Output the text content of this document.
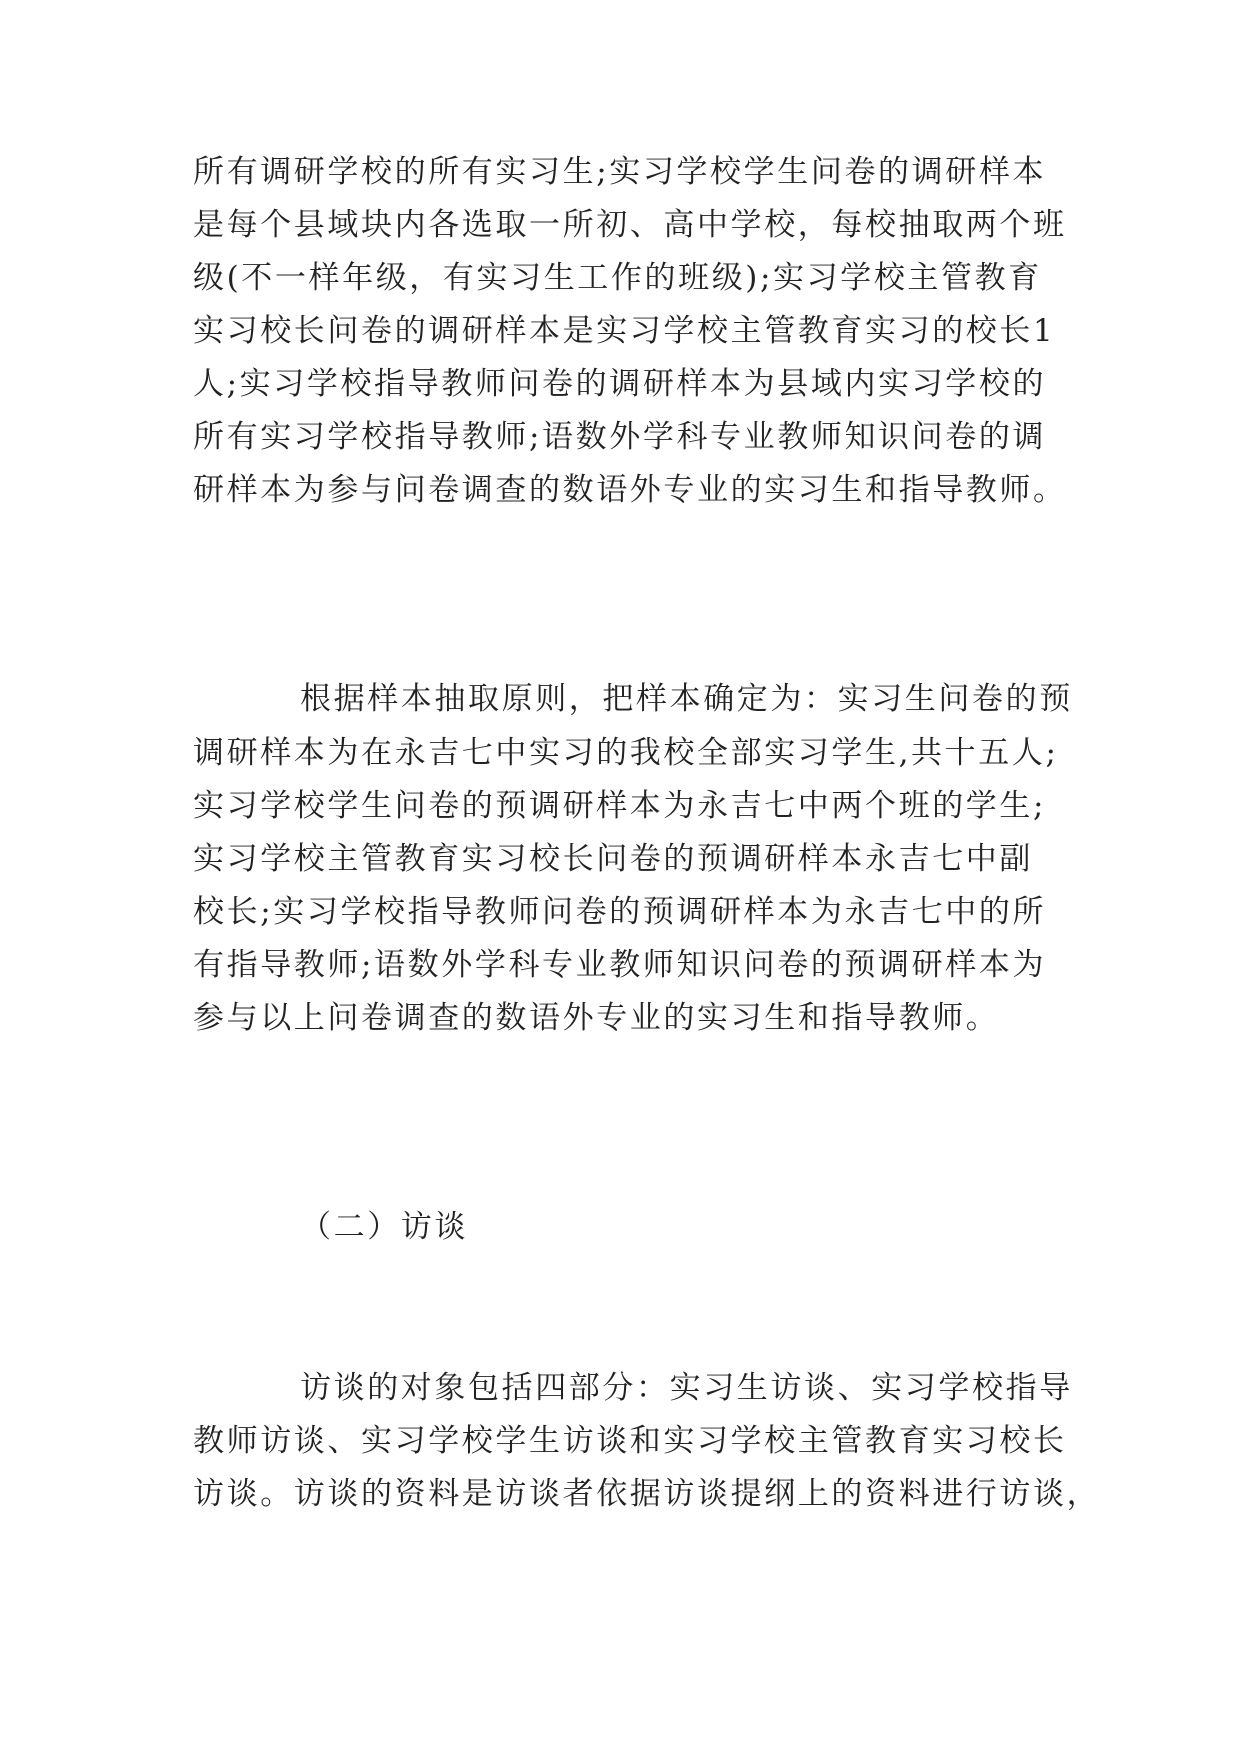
所有调研学校的所有实习生;实习学校学生问卷的调研样本
是每个县域块内各选取一所初、高中学校，每校抽取两个班
级(不一样年级，有实习生工作的班级);实习学校主管教育
实习校长问卷的调研样本是实习学校主管教育实习的校长1
人;实习学校指导教师问卷的调研样本为县域内实习学校的
所有实习学校指导教师;语数外学科专业教师知识问卷的调
研样本为参与问卷调查的数语外专业的实习生和指导教师。
根据样本抽取原则，把样本确定为：实习生问卷的预
调研样本为在永吉七中实习的我校全部实习学生,共十五人;
实习学校学生问卷的预调研样本为永吉七中两个班的学生;
实习学校主管教育实习校长问卷的预调研样本永吉七中副
校长;实习学校指导教师问卷的预调研样本为永吉七中的所
有指导教师;语数外学科专业教师知识问卷的预调研样本为
参与以上问卷调查的数语外专业的实习生和指导教师。
（二）访谈
访谈的对象包括四部分：实习生访谈、实习学校指导
教师访谈、实习学校学生访谈和实习学校主管教育实习校长
访谈。访谈的资料是访谈者依据访谈提纲上的资料进行访谈，
